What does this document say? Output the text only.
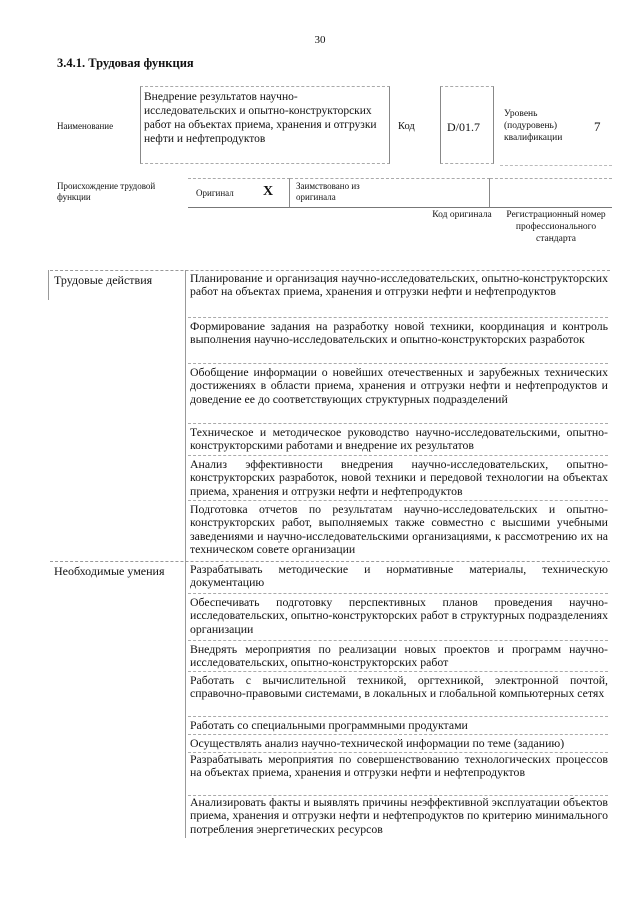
30
3.4.1. Трудовая функция
Наименование
Внедрение результатов научно-исследовательских и опытно-конструкторских работ на объектах приема, хранения и отгрузки нефти и нефтепродуктов
Код	D/01.7
Уровень (подуровень) квалификации
7
Происхождение трудовой функции	Оригинал X	Заимствовано из оригинала
Код оригинала	Регистрационный номер профессионального стандарта
Трудовые действия	Планирование и организация научно-исследовательских, опытно-конструкторских работ на объектах приема, хранения и отгрузки нефти и нефтепродуктов
Формирование задания на разработку новой техники, координация и контроль выполнения научно-исследовательских и опытно-конструкторских разработок
Обобщение информации о новейших отечественных и зарубежных технических достижениях в области приема, хранения и отгрузки нефти и нефтепродуктов и доведение ее до соответствующих структурных подразделений
Техническое и методическое руководство научно-исследовательскими, опытно-конструкторскими работами и внедрение их результатов
Анализ эффективности внедрения научно-исследовательских, опытно-конструкторских разработок, новой техники и передовой технологии на объектах приема, хранения и отгрузки нефти и нефтепродуктов
Подготовка отчетов по результатам научно-исследовательских и опытно-конструкторских работ, выполняемых также совместно с высшими учебными заведениями и научно-исследовательскими организациями, к рассмотрению их на техническом совете организации
Необходимые умения Разрабатывать методические и нормативные материалы, техническую документацию
Обеспечивать подготовку перспективных планов проведения научно-исследовательских, опытно-конструкторских работ в структурных подразделениях организации
Внедрять мероприятия по реализации новых проектов и программ научно-исследовательских, опытно-конструкторских работ
Работать с вычислительной техникой, оргтехникой, электронной почтой, справочно-правовыми системами, в локальных и глобальной компьютерных сетях
Работать со специальными программными продуктами
Осуществлять анализ научно-технической информации по теме (заданию)
Разрабатывать мероприятия по совершенствованию технологических процессов на объектах приема, хранения и отгрузки нефти и нефтепродуктов
Анализировать факты и выявлять причины неэффективной эксплуатации объектов приема, хранения и отгрузки нефти и нефтепродуктов по критерию минимального потребления энергетических ресурсов
